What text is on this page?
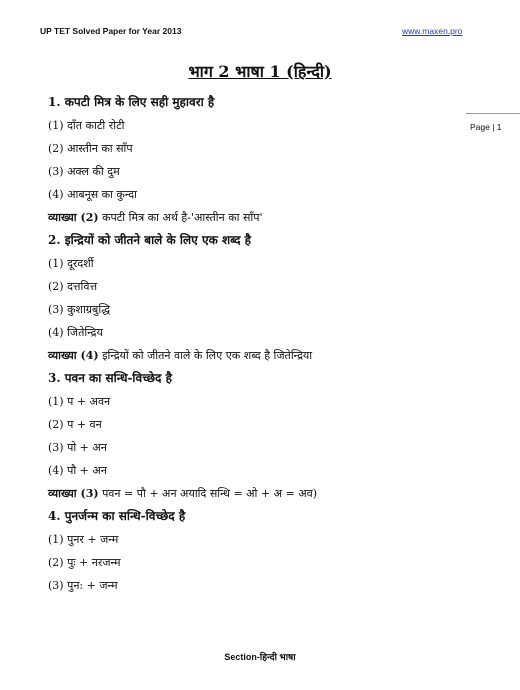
UP TET Solved Paper for Year 2013	www.maxen.pro
Page | 1
भाग 2 भाषा 1 (हिन्दी)
1. कपटी मित्र के लिए सही मुहावरा है
(1) दाँत काटी रोटी
(2) आस्तीन का साँप
(3) अक्ल की दुम
(4) आबनूस का कुन्दा
व्याख्या (2) कपटी मित्र का अर्थ है-'आस्तीन का साँप'
2. इन्द्रियों को जीतने बाले के लिए एक शब्द है
(1) दूरदर्शी
(2) दत्तवित्त
(3) कुशाग्रबुद्धि
(4) जितेन्द्रिय
व्याख्या (4) इन्द्रियों को जीतने वाले के लिए एक शब्द है जितेन्द्रिया
3. पवन का सन्धि-विच्छेद है
(1) प + अवन
(2) प + वन
(3) पो + अन
(4) पौ + अन
व्याख्या (3) पवन = पौ + अन अयादि सन्धि = ओ + अ = अव)
4. पुनर्जन्म का सन्धि-विच्छेद है
(1) पुनर + जन्म
(2) पुः + नरजन्म
(3) पुन: + जन्म
Section-हिन्दी भाषा
